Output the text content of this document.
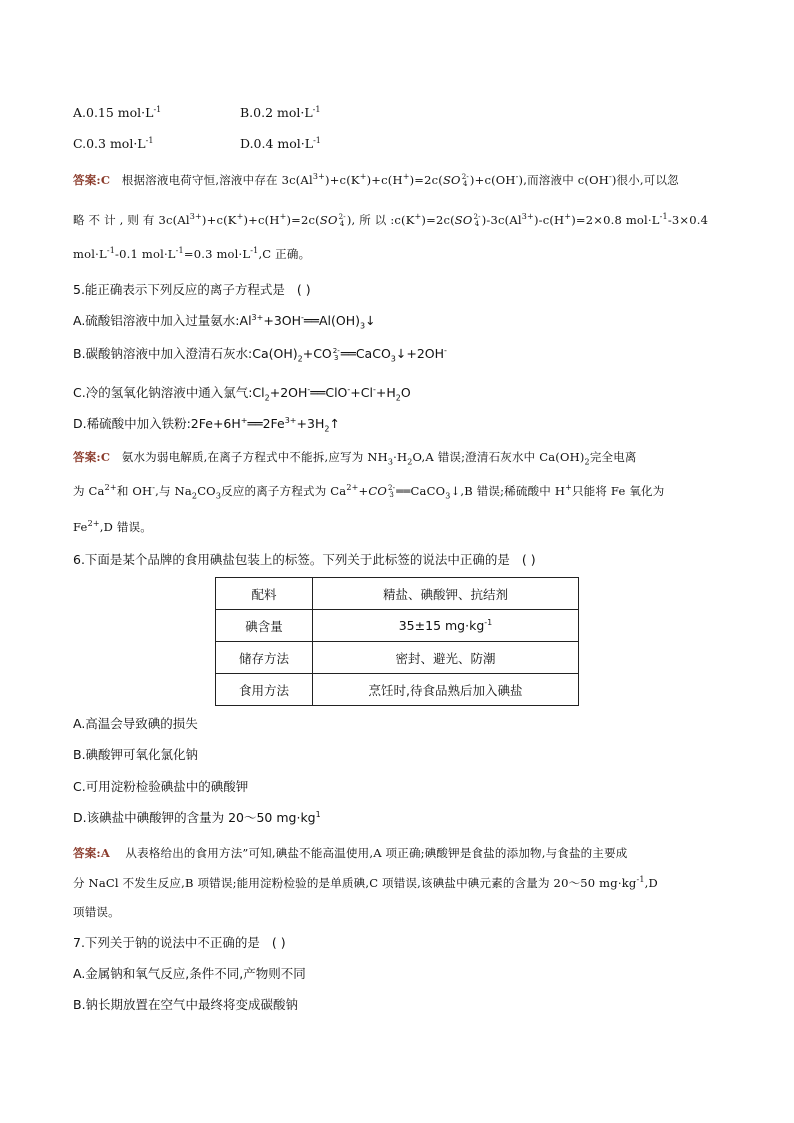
A.0.15 $mol\cdot L^{-1}$	B.0.2 $mol\cdot L^{-1}$
C.0.3 $mol\cdot L^{-1}$	D.0.4 $mol\cdot L^{-1}$
答案:C 根据溶液电荷守恒,溶液中存在 $3c(Al^{3+})+c(K^+)+c(H^+)=2c(SO$ 2-
4 )+c(OH-),而溶液中 c(OH-)很小,可以忽
略 不 计 , 则 有 $3c(Al^{3+})+c(K^+)+c(H^+)=2c(SO$ 2-
4 ), 所 以 :c(K+)=2c(SO 2-
4 )$-3c(Al^{3+})-c(H^+)=2\times 0.8$ $mol\cdot L^{-1}-3\times 0.4$
$mol\cdot L^{-1}-0.1$ $mol\cdot L^{-1}=0.3$ $mol\cdot L^{-1},C$ 正确。
5.能正确表示下列反应的离子方程式是 ( )
A.硫酸铝溶液中加入过量氨水$:Al^{3+}+3OH^-══Al(OH)_3↓$
B.碳酸钠溶液中加入澄清石灰水$:Ca(OH)_2+CO$ 2-
3 ══CaCO$_3$↓+2OH-
C.冷的氢氧化钠溶液中通入氯气$:Cl_2+2OH^-══ClO^-+Cl^-+H_2O$
D.稀硫酸中加入铁粉$:2Fe+6H^+══2Fe^{3+}+3H_2↑$
答案:C 氨水为弱电解质,在离子方程式中不能拆,应写为 $NH_3\cdot H_2O,A$ 错误;澄清石灰水中 $Ca(OH)_2$完全电离
为 $Ca^{2+}$和 OH-,与 $Na_2CO_3$反应的离子方程式为 $Ca^{2+}+CO$ 2-
3 ══CaCO$_3$↓,B 错误;稀硫酸中 H+只能将 Fe 氧化为
$Fe^{2+},D$ 错误。
6.下面是某个品牌的食用碘盐包装上的标签。下列关于此标签的说法中正确的是 ( )
配料	精盐、碘酸钾、抗结剂
碘含量	35±15 $mg\cdot kg^{-1}$
储存方法	密封、避光、防潮
食用方法	烹饪时,待食品熟后加入碘盐
A.高温会导致碘的损失
B.碘酸钾可氧化氯化钠
C.可用淀粉检验碘盐中的碘酸钾
D.该碘盐中碘酸钾的含量为 20～50 $mg\cdot kg^1$
答案:A 从表格给出的食用方法”可知,碘盐不能高温使用,A 项正确;碘酸钾是食盐的添加物,与食盐的主要成
分 NaCl 不发生反应,B 项错误;能用淀粉检验的是单质碘,C 项错误,该碘盐中碘元素的含量为 20～50 $mg\cdot kg^{-1},D$
项错误。
7.下列关于钠的说法中不正确的是 ( )
A.金属钠和氧气反应,条件不同,产物则不同
B.钠长期放置在空气中最终将变成碳酸钠
